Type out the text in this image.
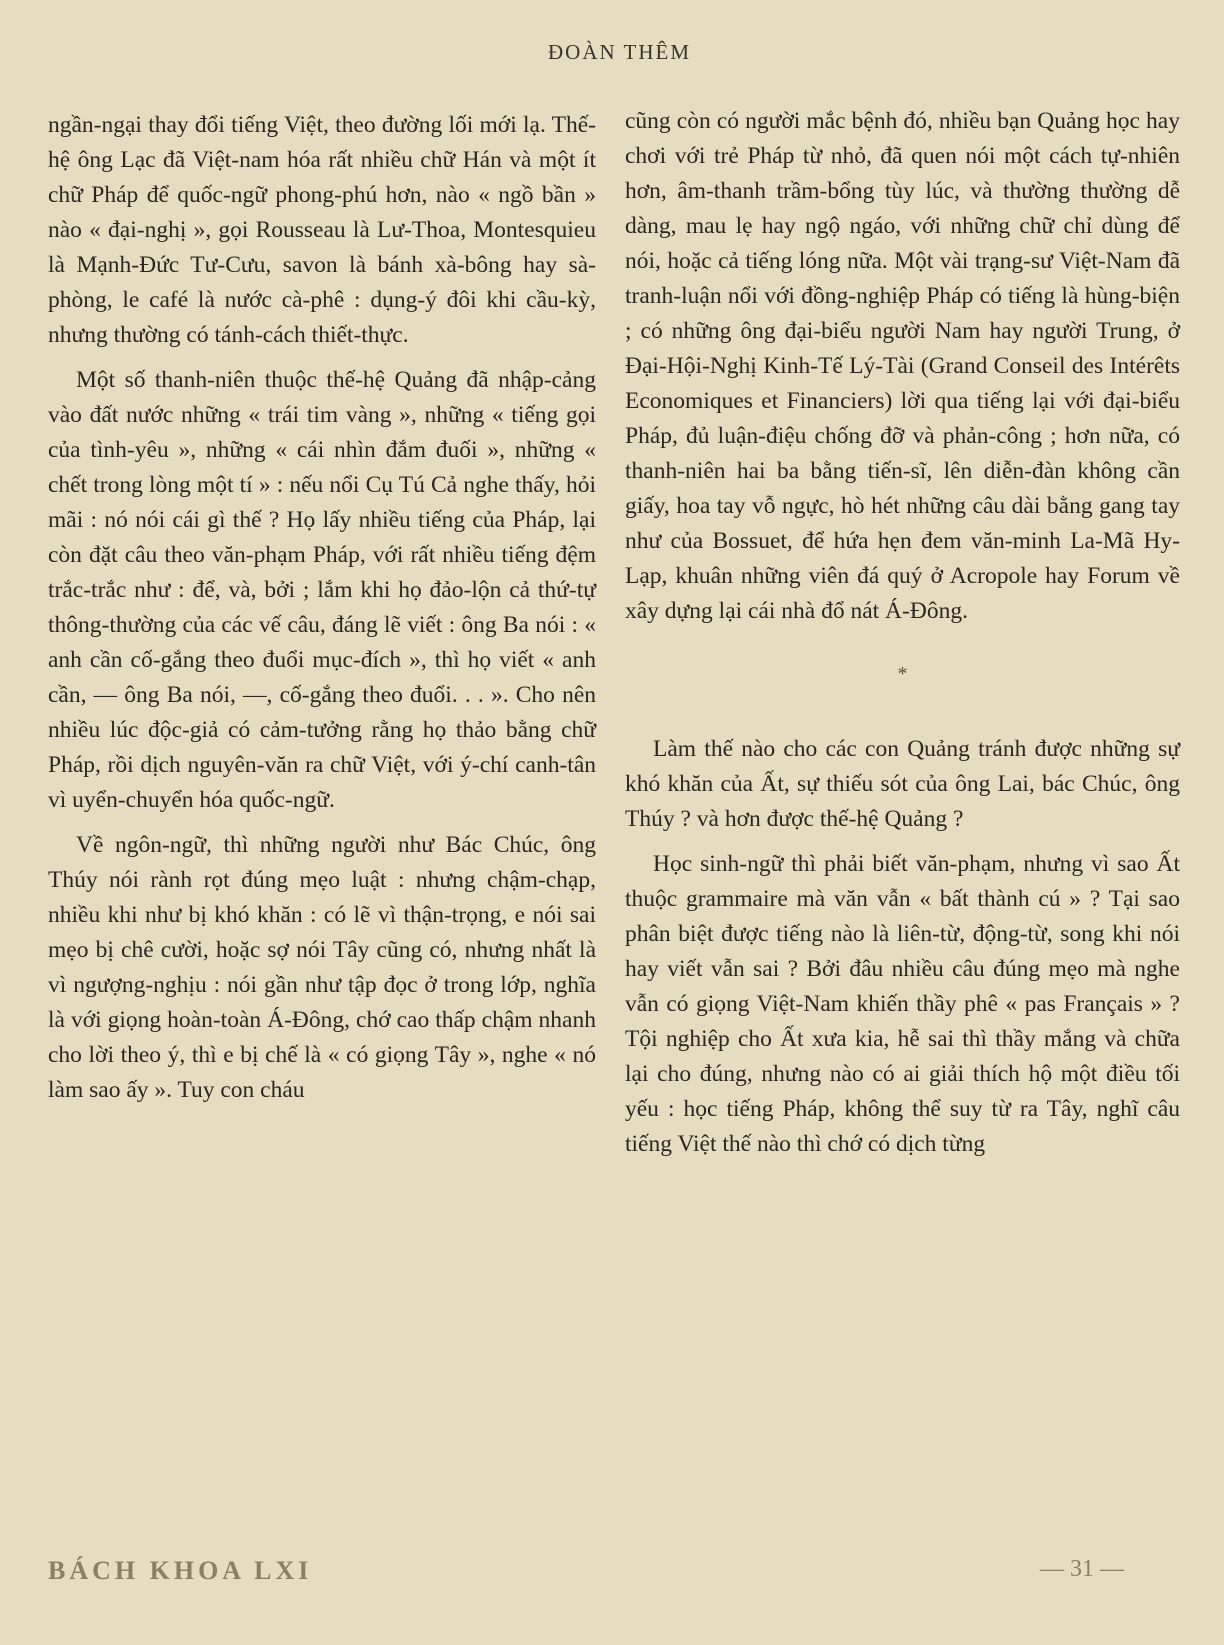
ĐOÀN THÊM

ngần-ngại thay đổi tiếng Việt, theo đường lối mới lạ. Thế-hệ ông Lạc đã Việt-nam hóa rất nhiều chữ Hán và một ít chữ Pháp để quốc-ngữ phong-phú hơn, nào « ngồ bần » nào « đại-nghị », gọi Rousseau là Lư-Thoa, Montesquieu là Mạnh-Đức Tư-Cưu, savon là bánh xà-bông hay sà-phòng, le café là nước cà-phê : dụng-ý đôi khi cầu-kỳ, nhưng thường có tánh-cách thiết-thực.

Một số thanh-niên thuộc thế-hệ Quảng đã nhập-cảng vào đất nước những « trái tim vàng », những « tiếng gọi của tình-yêu », những « cái nhìn đắm đuối », những « chết trong lòng một tí » : nếu nổi Cụ Tú Cả nghe thấy, hỏi mãi : nó nói cái gì thế ? Họ lấy nhiều tiếng của Pháp, lại còn đặt câu theo văn-phạm Pháp, với rất nhiều tiếng đệm trắc-trắc như : để, và, bởi ; lắm khi họ đảo-lộn cả thứ-tự thông-thường của các vế câu, đáng lẽ viết : ông Ba nói : « anh cần cố-gắng theo đuổi mục-đích », thì họ viết « anh cần, — ông Ba nói, —, cố-gắng theo đuổi. . . ». Cho nên nhiều lúc độc-giả có cảm-tưởng rằng họ thảo bằng chữ Pháp, rồi dịch nguyên-văn ra chữ Việt, với ý-chí canh-tân vì uyển-chuyển hóa quốc-ngữ.

Về ngôn-ngữ, thì những người như Bác Chúc, ông Thúy nói rành rọt đúng mẹo luật : nhưng chậm-chạp, nhiều khi như bị khó khăn : có lẽ vì thận-trọng, e nói sai mẹo bị chê cười, hoặc sợ nói Tây cũng có, nhưng nhất là vì ngượng-nghịu : nói gần như tập đọc ở trong lớp, nghĩa là với giọng hoàn-toàn Á-Đông, chớ cao thấp chậm nhanh cho lời theo ý, thì e bị chế là « có giọng Tây », nghe « nó làm sao ấy ». Tuy con cháu

cũng còn có người mắc bệnh đó, nhiều bạn Quảng học hay chơi với trẻ Pháp từ nhỏ, đã quen nói một cách tự-nhiên hơn, âm-thanh trầm-bổng tùy lúc, và thường thường dễ dàng, mau lẹ hay ngộ ngáo, với những chữ chỉ dùng để nói, hoặc cả tiếng lóng nữa. Một vài trạng-sư Việt-Nam đã tranh-luận nổi với đồng-nghiệp Pháp có tiếng là hùng-biện ; có những ông đại-biểu người Nam hay người Trung, ở Đại-Hội-Nghị Kinh-Tế Lý-Tài (Grand Conseil des Intérêts Economiques et Financiers) lời qua tiếng lại với đại-biểu Pháp, đủ luận-điệu chống đỡ và phản-công ; hơn nữa, có thanh-niên hai ba bằng tiến-sĩ, lên diễn-đàn không cần giấy, hoa tay vỗ ngực, hò hét những câu dài bằng gang tay như của Bossuet, để hứa hẹn đem văn-minh La-Mã Hy-Lạp, khuân những viên đá quý ở Acropole hay Forum về xây dựng lại cái nhà đổ nát Á-Đông.

*

Làm thế nào cho các con Quảng tránh được những sự khó khăn của Ất, sự thiếu sót của ông Lai, bác Chúc, ông Thúy ? và hơn được thế-hệ Quảng ?

Học sinh-ngữ thì phải biết văn-phạm, nhưng vì sao Ất thuộc grammaire mà văn vẫn « bất thành cú » ? Tại sao phân biệt được tiếng nào là liên-từ, động-từ, song khi nói hay viết vẫn sai ? Bởi đâu nhiều câu đúng mẹo mà nghe vẫn có giọng Việt-Nam khiến thầy phê « pas Français » ? Tội nghiệp cho Ất xưa kia, hễ sai thì thầy mắng và chữa lại cho đúng, nhưng nào có ai giải thích hộ một điều tối yếu : học tiếng Pháp, không thể suy từ ra Tây, nghĩ câu tiếng Việt thế nào thì chớ có dịch từng

BÁCH KHOA LXI	— 31 —
